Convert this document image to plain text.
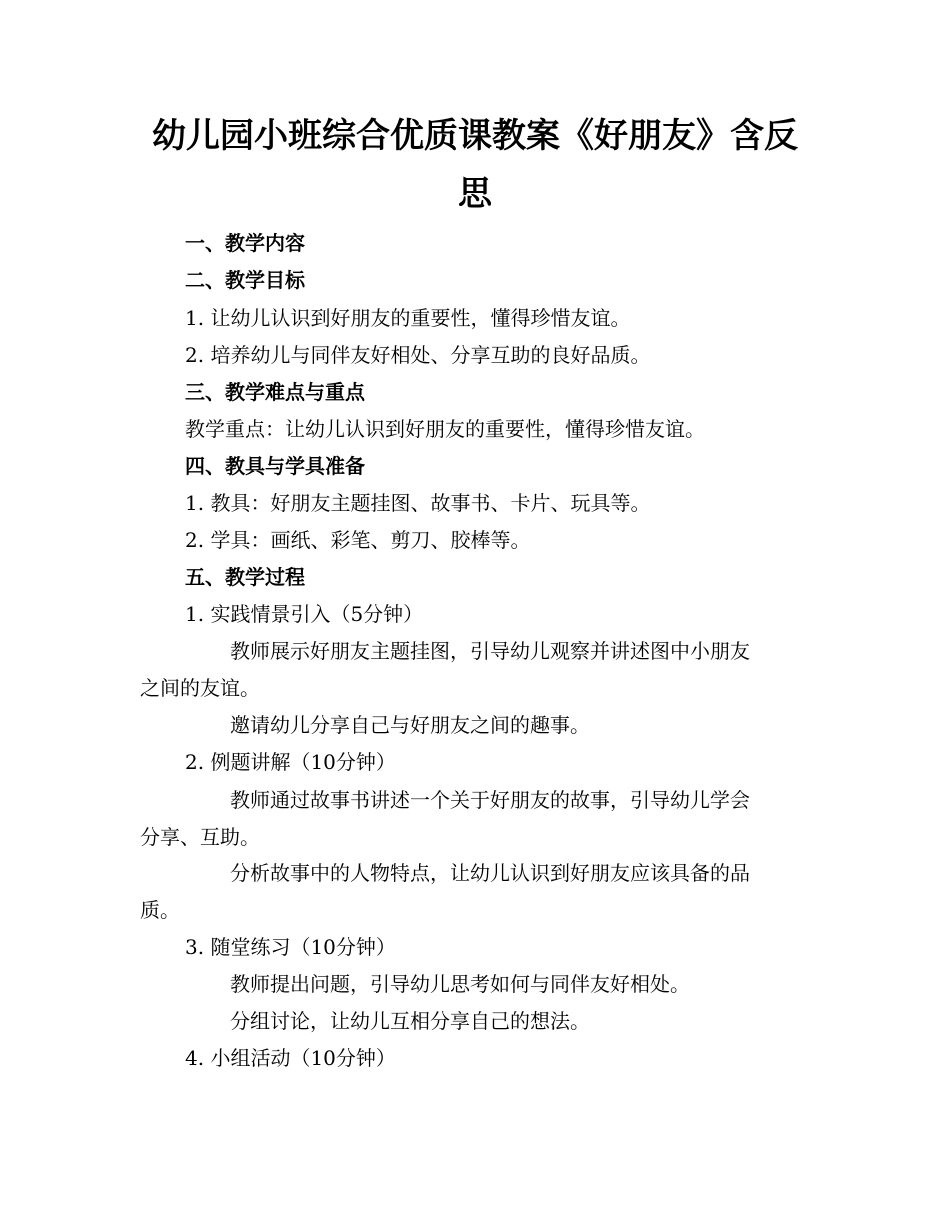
幼儿园小班综合优质课教案《好朋友》含反
思
一、教学内容
二、教学目标
1. 让幼儿认识到好朋友的重要性，懂得珍惜友谊。
2. 培养幼儿与同伴友好相处、分享互助的良好品质。
三、教学难点与重点
教学重点：让幼儿认识到好朋友的重要性，懂得珍惜友谊。
四、教具与学具准备
1. 教具：好朋友主题挂图、故事书、卡片、玩具等。
2. 学具：画纸、彩笔、剪刀、胶棒等。
五、教学过程
1. 实践情景引入（5分钟）
教师展示好朋友主题挂图，引导幼儿观察并讲述图中小朋友
之间的友谊。
邀请幼儿分享自己与好朋友之间的趣事。
2. 例题讲解（10分钟）
教师通过故事书讲述一个关于好朋友的故事，引导幼儿学会
分享、互助。
分析故事中的人物特点，让幼儿认识到好朋友应该具备的品
质。
3. 随堂练习（10分钟）
教师提出问题，引导幼儿思考如何与同伴友好相处。
分组讨论，让幼儿互相分享自己的想法。
4. 小组活动（10分钟）
